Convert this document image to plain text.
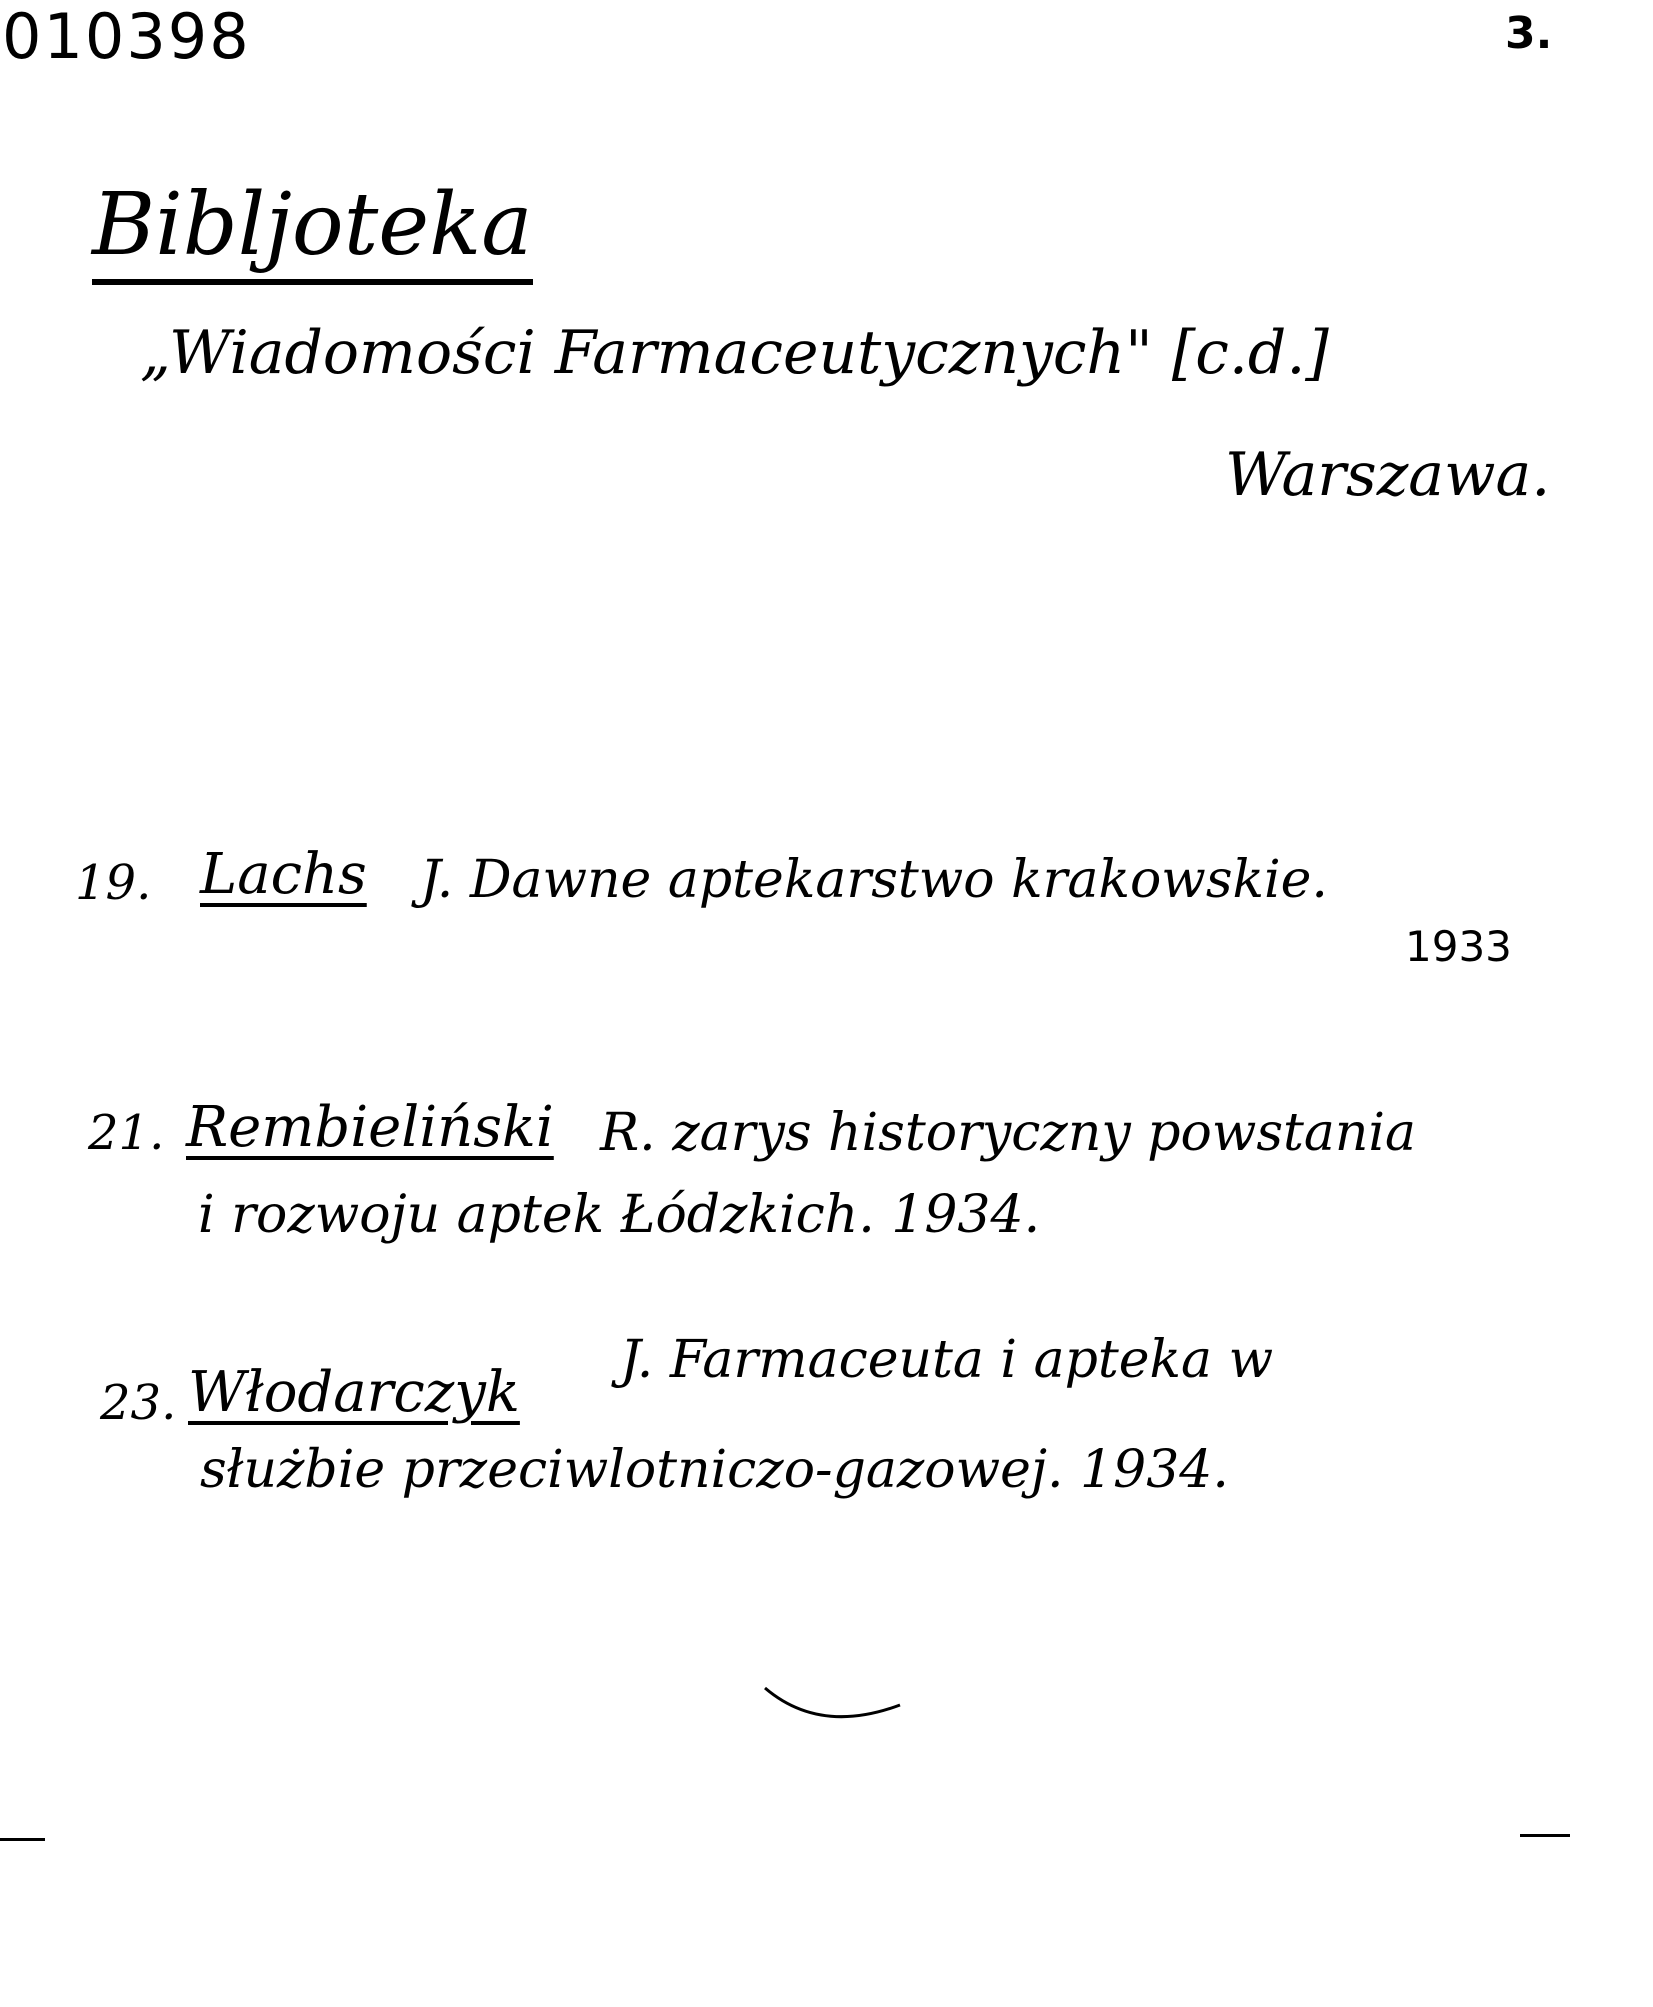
010398	3.
Bibljoteka
„Wiadomości Farmaceutycznych" [c.d.]
Warszawa.
19. Lachs J. Dawne aptekarstwo krakowskie.
1933
21. Rembieliński R. zarys historyczny powstania
i rozwoju aptek Łódzkich. 1934.
23. Włodarczyk J. Farmaceuta i apteka w
służbie przeciwlotniczo-gazowej. 1934.
